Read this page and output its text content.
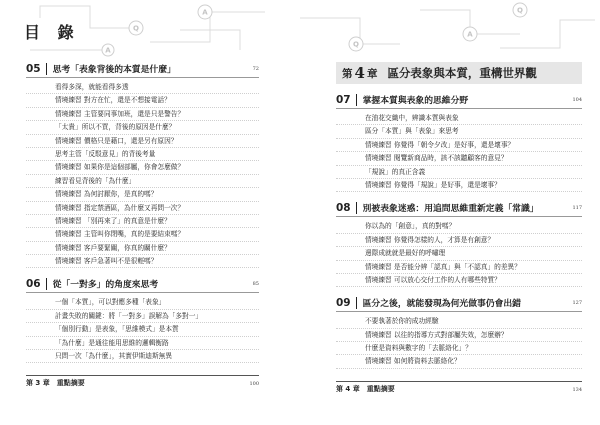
Q
A
Q
A
Q
A
目 錄
05	思考「表象背後的本質是什麼」	72
看得多深，就能看得多透
情境練習 對方在忙，還是不想接電話？
情境練習 主管要同事加班，還是只是警告？
「太貴」所以不買，背後的原因是什麼？
情境練習 價格只是藉口，還是另有原因？
思考主管「反駁意見」的背後考量
情境練習 如果你是這個部屬，你會怎麼做？
練習看見背後的「為什麼」
情境練習 為何討厭你，是真的嗎？
情境練習 指定禁酒區，為什麼又再問一次？
情境練習 「別再來了」的真意是什麼？
情境練習 主管叫你閉嘴，真的是要結束嗎？
情境練習 客戶要緊關，你真的關什麼？
情境練習 客戶急著叫不是很輕嗎？
06	從「一對多」的角度來思考	85
一個「本質」，可以對應多種「表象」
計畫失敗的關鍵：將「一對多」誤解為「多對一」
「個別行動」是表象，「思維模式」是本質
「為什麼」是通往能用思維的邏輯衡路
只問一次「為什麼」，其實伊斯迪斯無異
第 3 章　重點摘要	100
第 4 章 區分表象與本質，重構世界觀
07	掌握本質與表象的思維分野	104
在油花交織中，辨識本質與表象
區分「本質」與「表象」來思考
情境練習 你覺得「朝令夕改」是好事，還是壞事？
情境練習 閱覽新商品時，該不該聽顧客的意見？
「規說」的真正含義
情境練習 你覺得「規說」是好事，還是壞事？
08	別被表象迷惑：用追問思維重新定義「常識」	117
你以為的「創意」，真的對嗎？
情境練習 你覺得怎樣的人，才算是有創意？
邊際成就就是最好的呼嘯理
情境練習 是否能分辨「認真」與「不認真」的差異？
情境練習 可以放心交付工作的人有哪些特質？
09	區分之後，就能發現為何光做事仍會出錯	127
不要執著於你的成功經驗
情境練習 以往的指導方式對部屬失效，怎麼辦？
什麼是資料與數字的「去脈絡化」？
情境練習 如何將資料去脈絡化？
第 4 章　重點摘要	134
